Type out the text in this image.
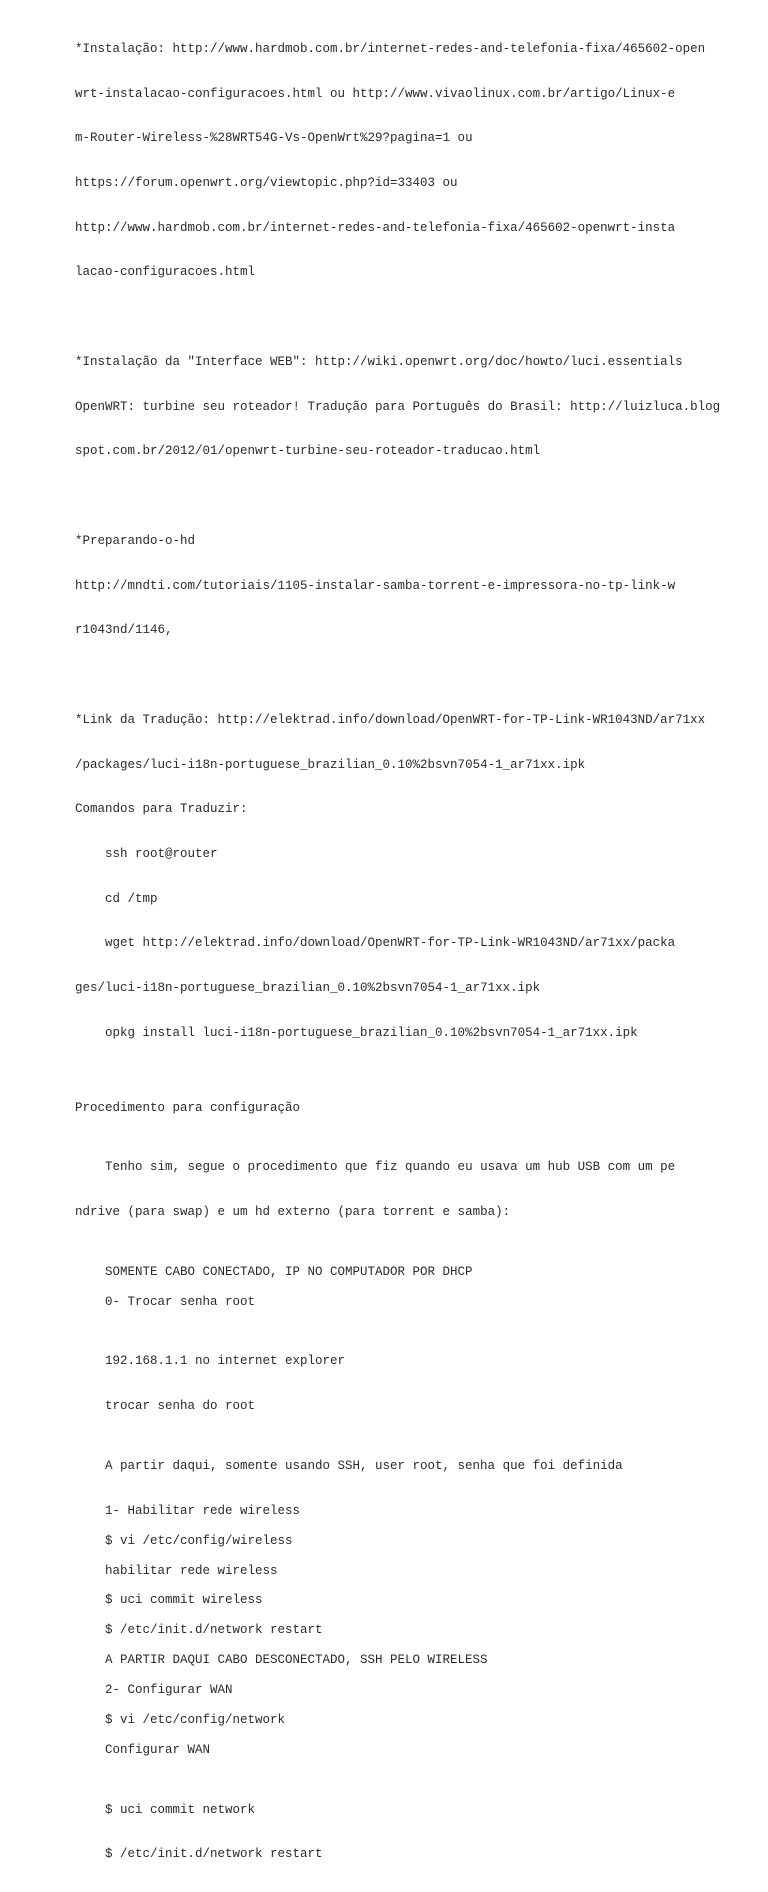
*Instalação: http://www.hardmob.com.br/internet-redes-and-telefonia-fixa/465602-open

wrt-instalacao-configuracoes.html ou http://www.vivaolinux.com.br/artigo/Linux-e

m-Router-Wireless-%28WRT54G-Vs-OpenWrt%29?pagina=1 ou

https://forum.openwrt.org/viewtopic.php?id=33403 ou

http://www.hardmob.com.br/internet-redes-and-telefonia-fixa/465602-openwrt-insta

lacao-configuracoes.html

*Instalação da "Interface WEB": http://wiki.openwrt.org/doc/howto/luci.essentials

OpenWRT: turbine seu roteador! Tradução para Português do Brasil: http://luizluca.blog

spot.com.br/2012/01/openwrt-turbine-seu-roteador-traducao.html

*Preparando-o-hd

http://mndti.com/tutoriais/1105-instalar-samba-torrent-e-impressora-no-tp-link-w

r1043nd/1146,

*Link da Tradução: http://elektrad.info/download/OpenWRT-for-TP-Link-WR1043ND/ar71xx

/packages/luci-i18n-portuguese_brazilian_0.10%2bsvn7054-1_ar71xx.ipk

Comandos para Traduzir:

ssh root@router

cd /tmp

wget http://elektrad.info/download/OpenWRT-for-TP-Link-WR1043ND/ar71xx/packa

ges/luci-i18n-portuguese_brazilian_0.10%2bsvn7054-1_ar71xx.ipk

opkg install luci-i18n-portuguese_brazilian_0.10%2bsvn7054-1_ar71xx.ipk

Procedimento para configuração

Tenho sim, segue o procedimento que fiz quando eu usava um hub USB com um pe

ndrive (para swap) e um hd externo (para torrent e samba):

SOMENTE CABO CONECTADO, IP NO COMPUTADOR POR DHCP
0- Trocar senha root

192.168.1.1 no internet explorer

trocar senha do root

A partir daqui, somente usando SSH, user root, senha que foi definida
1- Habilitar rede wireless
$ vi /etc/config/wireless
habilitar rede wireless
$ uci commit wireless
$ /etc/init.d/network restart
A PARTIR DAQUI CABO DESCONECTADO, SSH PELO WIRELESS
2- Configurar WAN
$ vi /etc/config/network
Configurar WAN

$ uci commit network

$ /etc/init.d/network restart
